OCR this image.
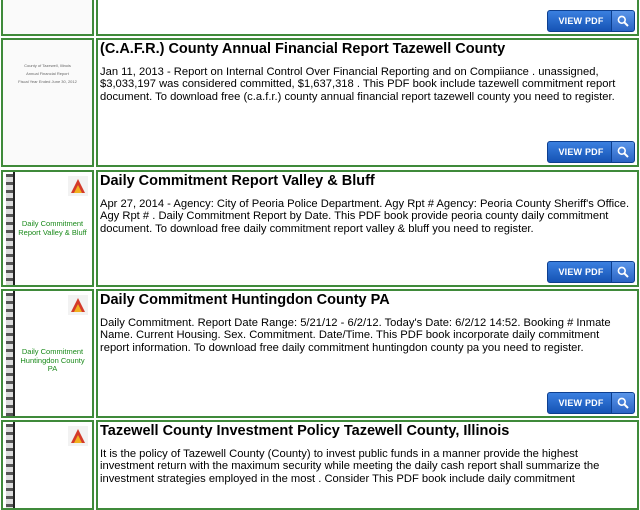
VIEW PDF
County of Tazewell, Illinois
Annual Financial Report
Fiscal Year Ended June 30, 2012
(C.A.F.R.) County Annual Financial Report Tazewell County
Jan 11, 2013 - Report on Internal Control Over Financial Reporting and on Compiiance . unassigned, $3,033,197 was considered committed, $1,637,318 . This PDF book include tazewell commitment report document. To download free (c.a.f.r.) county annual financial report tazewell county you need to register.
VIEW PDF
Daily Commitment Report Valley & Bluff
Daily Commitment Report Valley & Bluff
Apr 27, 2014 - Agency: City of Peoria Police Department. Agy Rpt # Agency: Peoria County Sheriff's Office. Agy Rpt # . Daily Commitment Report by Date. This PDF book provide peoria county daily commitment document. To download free daily commitment report valley & bluff you need to register.
VIEW PDF
Daily Commitment Huntingdon County PA
Daily Commitment Huntingdon County PA
Daily Commitment. Report Date Range: 5/21/12 - 6/2/12. Today's Date: 6/2/12 14:52. Booking # Inmate Name. Current Housing. Sex. Commitment. Date/Time. This PDF book incorporate daily commitment report information. To download free daily commitment huntingdon county pa you need to register.
VIEW PDF
Tazewell County Investment Policy Tazewell County, Illinois
It is the policy of Tazewell County (County) to invest public funds in a manner provide the highest investment return with the maximum security while meeting the daily cash report shall summarize the investment strategies employed in the most . Consider This PDF book include daily commitment
